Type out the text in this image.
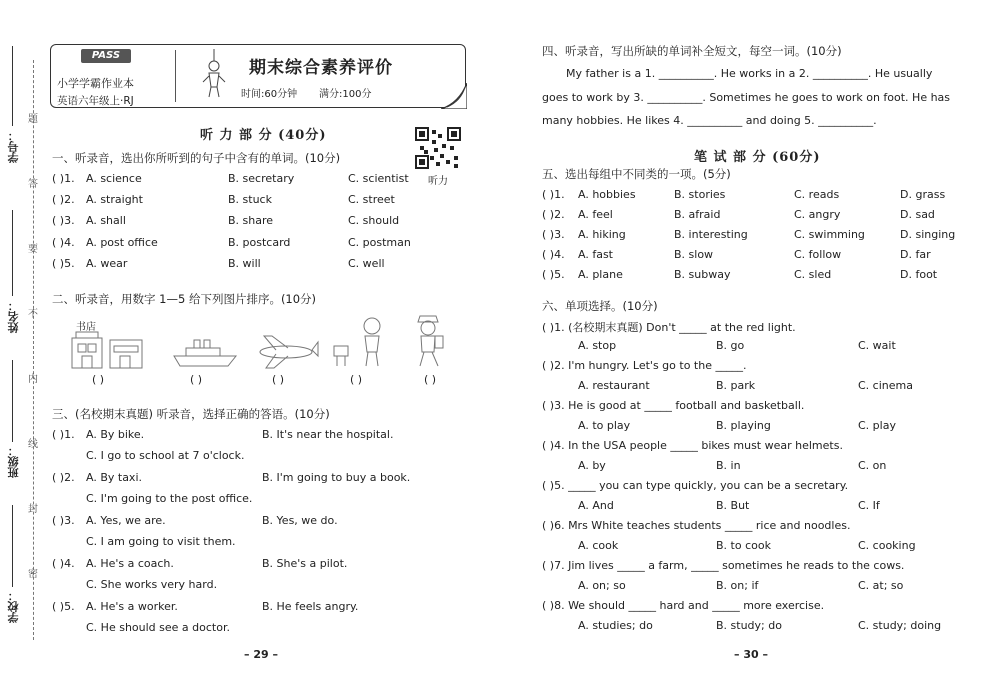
学号：
姓名：
班级：
学校：
题
答
要
不
内
线
封
密
PASS
小学学霸作业本
英语六年级上·RJ
期末综合素养评价
时间:60分钟 满分:100分
听 力 部 分 (40分)
听力
一、听录音，选出你所听到的句子中含有的单词。(10分)
( )1. A. science	B. secretary	C. scientist
( )2. A. straight	B. stuck	C. street
( )3. A. shall	B. share	C. should
( )4. A. post office	B. postcard	C. postman
( )5. A. wear	B. will	C. well
二、听录音，用数字 1—5 给下列图片排序。(10分)
书店
( )	( )	( )	( )	( )
三、(名校期末真题) 听录音，选择正确的答语。(10分)
( )1. A. By bike.	B. It's near the hospital.
C. I go to school at 7 o'clock.
( )2. A. By taxi.	B. I'm going to buy a book.
C. I'm going to the post office.
( )3. A. Yes, we are.	B. Yes, we do.
C. I am going to visit them.
( )4. A. He's a coach.	B. She's a pilot.
C. She works very hard.
( )5. A. He's a worker.	B. He feels angry.
C. He should see a doctor.
– 29 –
四、听录音，写出所缺的单词补全短文，每空一词。(10分)
My father is a 1. __________. He works in a 2. __________. He usually
goes to work by 3. __________. Sometimes he goes to work on foot. He has
many hobbies. He likes 4. __________ and doing 5. __________.
笔 试 部 分 (60分)
五、选出每组中不同类的一项。(5分)
( )1. A. hobbies	B. stories	C. reads	D. grass
( )2. A. feel	B. afraid	C. angry	D. sad
( )3. A. hiking	B. interesting	C. swimming	D. singing
( )4. A. fast	B. slow	C. follow	D. far
( )5. A. plane	B. subway	C. sled	D. foot
六、单项选择。(10分)
( )1. (名校期末真题) Don't _____ at the red light.
A. stop	B. go	C. wait
( )2. I'm hungry. Let's go to the _____.
A. restaurant	B. park	C. cinema
( )3. He is good at _____ football and basketball.
A. to play	B. playing	C. play
( )4. In the USA people _____ bikes must wear helmets.
A. by	B. in	C. on
( )5. _____ you can type quickly, you can be a secretary.
A. And	B. But	C. If
( )6. Mrs White teaches students _____ rice and noodles.
A. cook	B. to cook	C. cooking
( )7. Jim lives _____ a farm, _____ sometimes he reads to the cows.
A. on; so	B. on; if	C. at; so
( )8. We should _____ hard and _____ more exercise.
A. studies; do	B. study; do	C. study; doing
– 30 –
